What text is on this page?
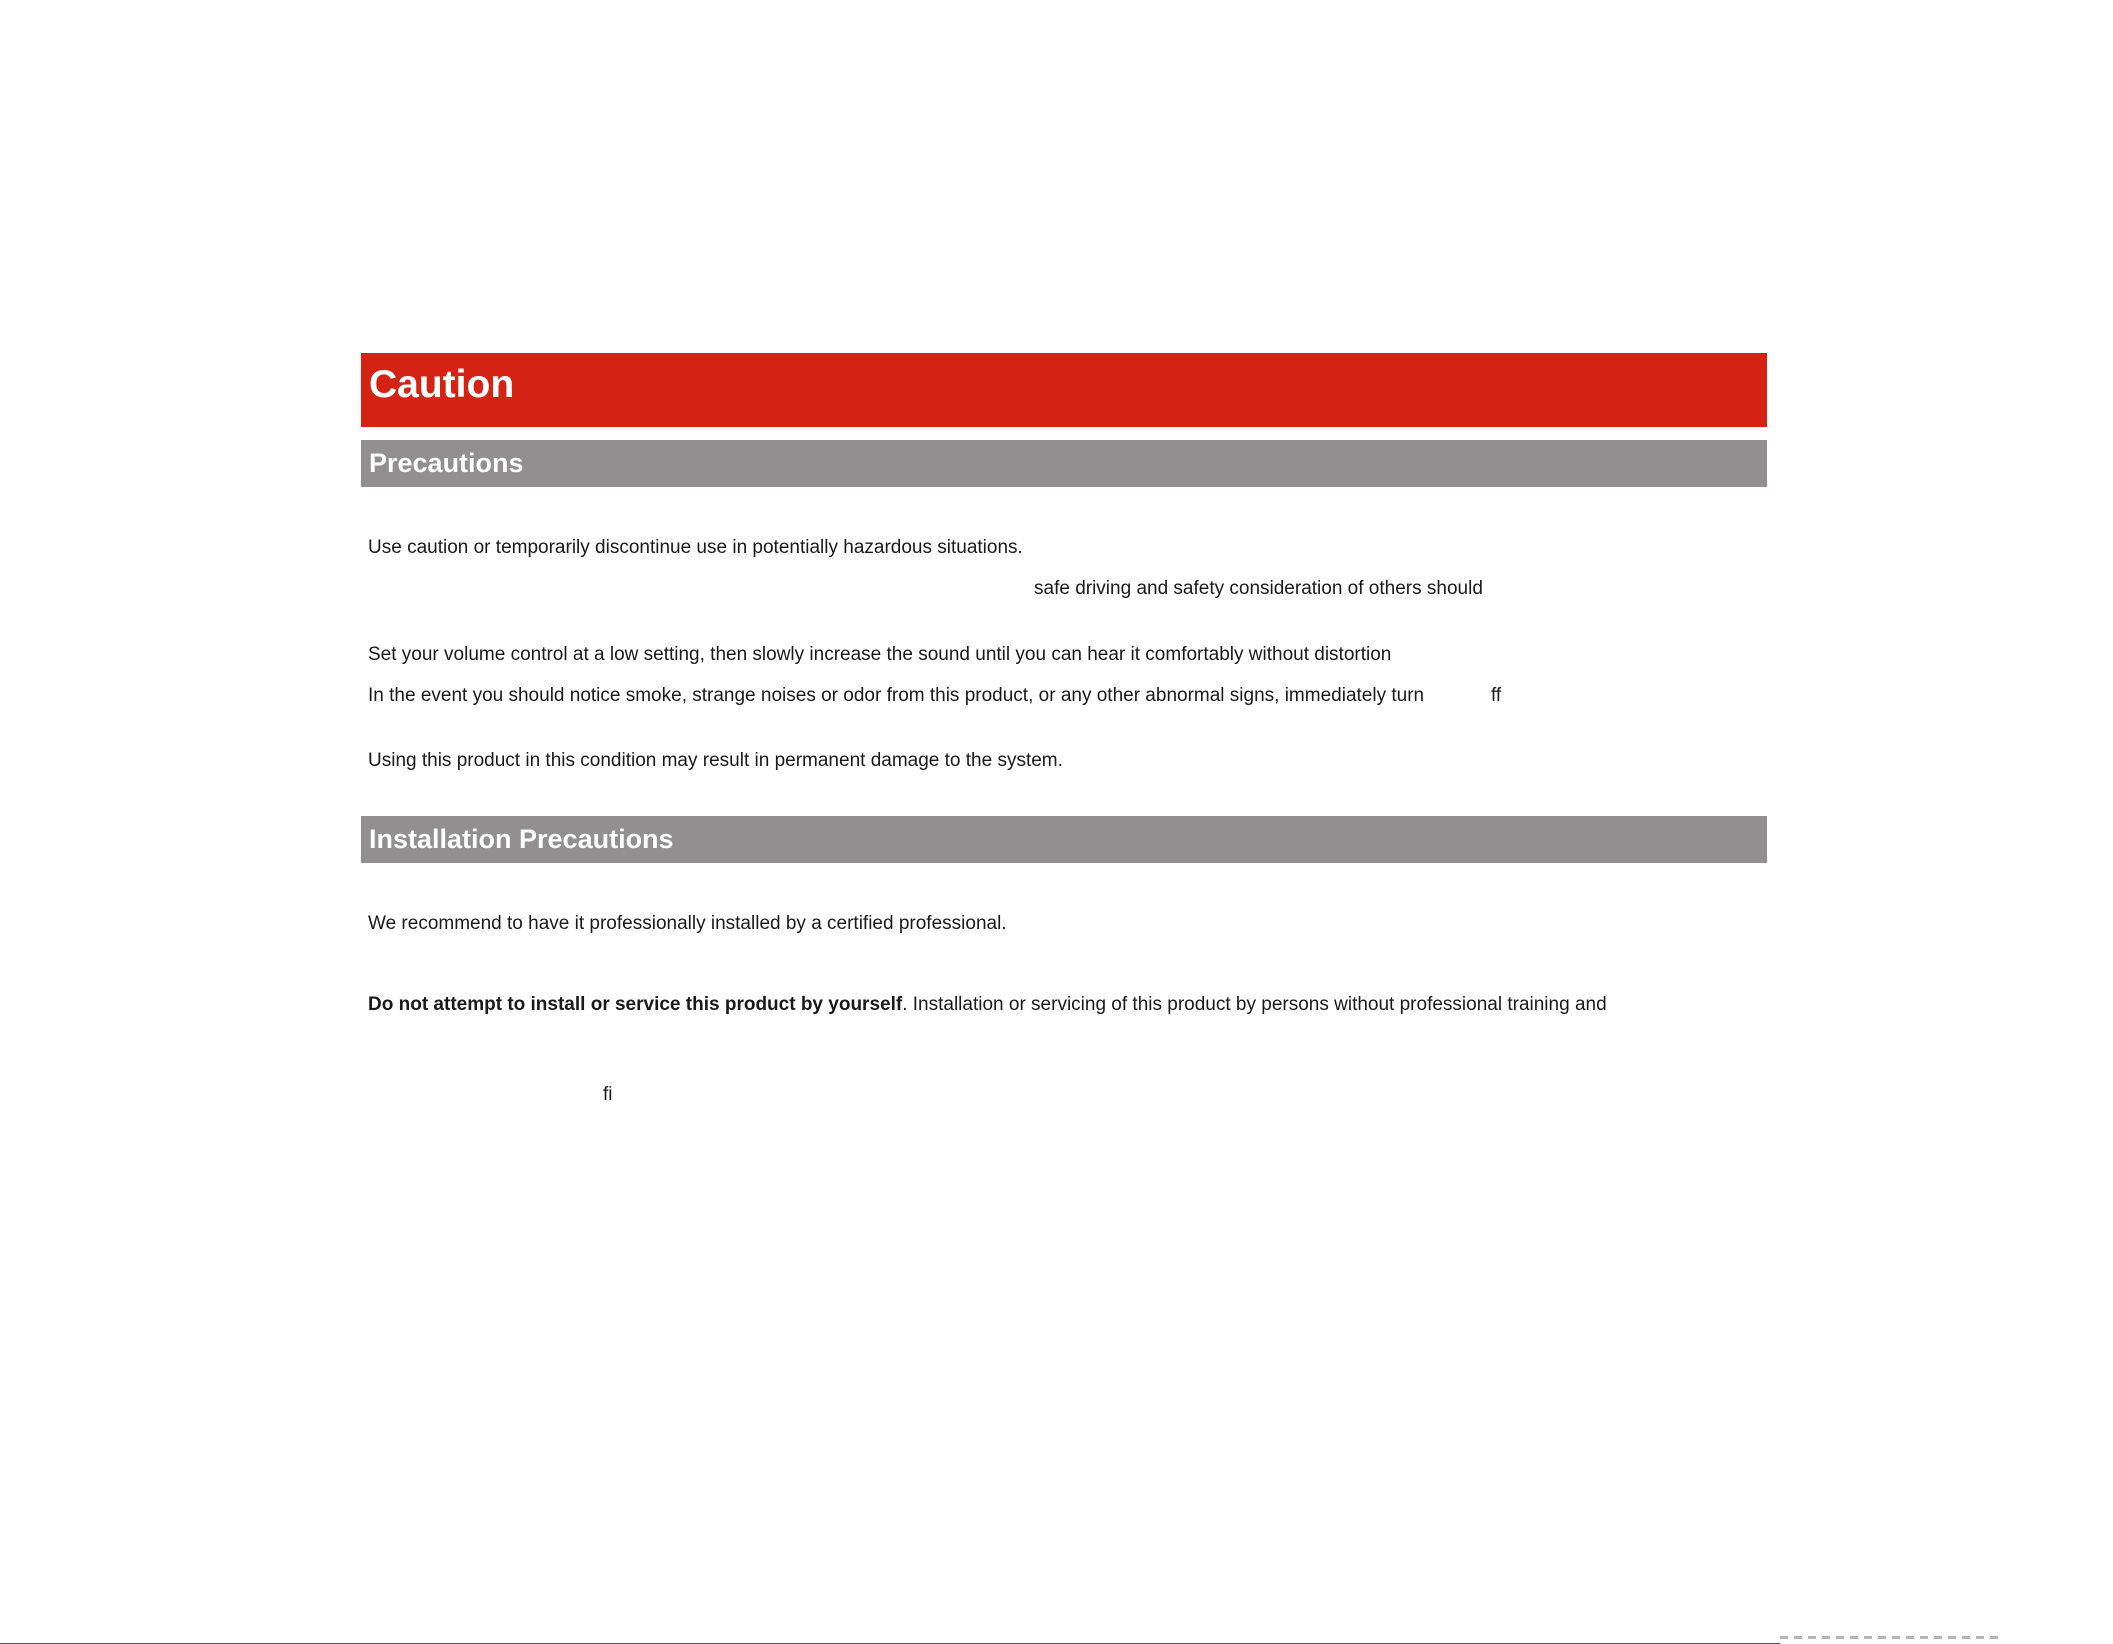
Caution
Precautions
Use caution or temporarily discontinue use in potentially hazardous situations.
safe driving and safety consideration of others should
Set your volume control at a low setting, then slowly increase the sound until you can hear it comfortably without distortion
In the event you should notice smoke, strange noises or odor from this product, or any other abnormal signs, immediately turn	ff
Using this product in this condition may result in permanent damage to the system.
Installation Precautions
We recommend to have it professionally installed by a certified professional.
Do not attempt to install or service this product by yourself. Installation or servicing of this product by persons without professional training and
fi
